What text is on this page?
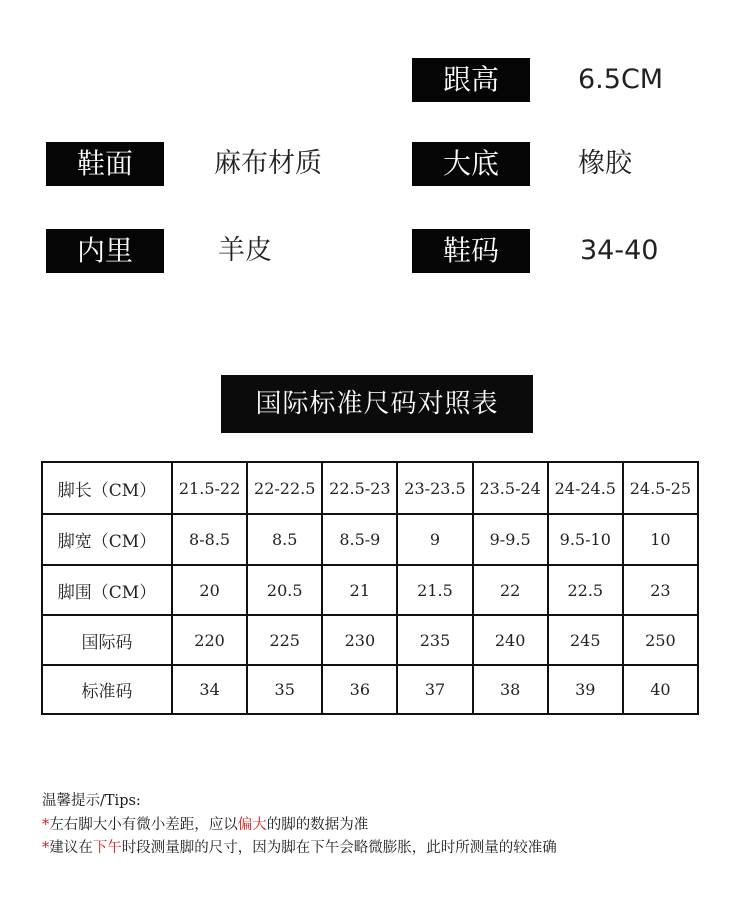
跟高	6.5CM
鞋面	麻布材质	大底	橡胶
内里	羊皮	鞋码	34-40
国际标准尺码对照表
脚长（CM）	21.5-22	22-22.5	22.5-23	23-23.5	23.5-24	24-24.5	24.5-25
脚宽（CM）	8-8.5	8.5	8.5-9	9	9-9.5	9.5-10	10
脚围（CM）	20	20.5	21	21.5	22	22.5	23
国际码	220	225	230	235	240	245	250
标准码	34	35	36	37	38	39	40
温馨提示/Tips:
*左右脚大小有微小差距，应以偏大的脚的数据为准
*建议在下午时段测量脚的尺寸，因为脚在下午会略微膨胀，此时所测量的较准确
